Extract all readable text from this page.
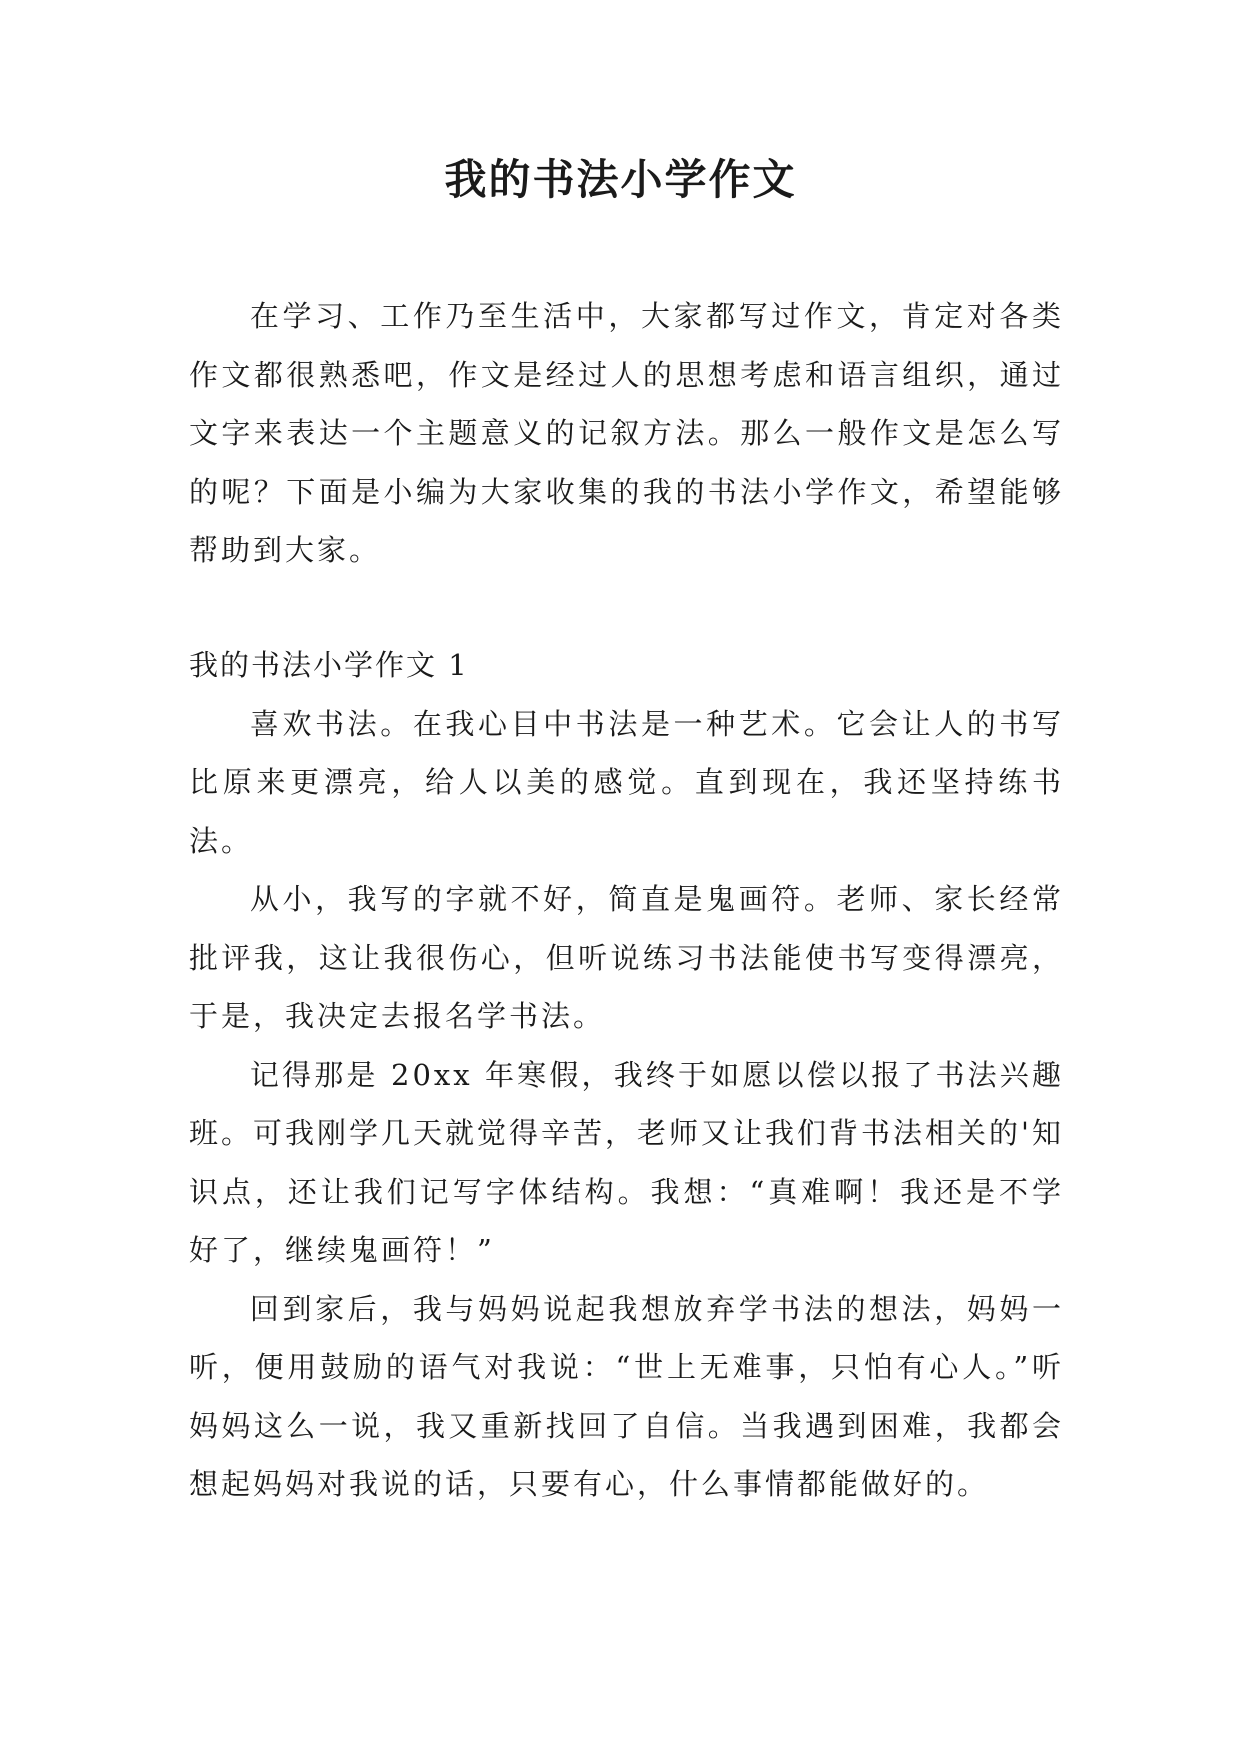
我的书法小学作文

在学习、工作乃至生活中，大家都写过作文，肯定对各类作文都很熟悉吧，作文是经过人的思想考虑和语言组织，通过文字来表达一个主题意义的记叙方法。那么一般作文是怎么写的呢？下面是小编为大家收集的我的书法小学作文，希望能够帮助到大家。

我的书法小学作文 1

喜欢书法。在我心目中书法是一种艺术。它会让人的书写比原来更漂亮，给人以美的感觉。直到现在，我还坚持练书法。

从小，我写的字就不好，简直是鬼画符。老师、家长经常批评我，这让我很伤心，但听说练习书法能使书写变得漂亮，于是，我决定去报名学书法。

记得那是 20xx 年寒假，我终于如愿以偿以报了书法兴趣班。可我刚学几天就觉得辛苦，老师又让我们背书法相关的'知识点，还让我们记写字体结构。我想：“真难啊！我还是不学好了，继续鬼画符！”

回到家后，我与妈妈说起我想放弃学书法的想法，妈妈一听，便用鼓励的语气对我说：“世上无难事，只怕有心人。”听妈妈这么一说，我又重新找回了自信。当我遇到困难，我都会想起妈妈对我说的话，只要有心，什么事情都能做好的。
